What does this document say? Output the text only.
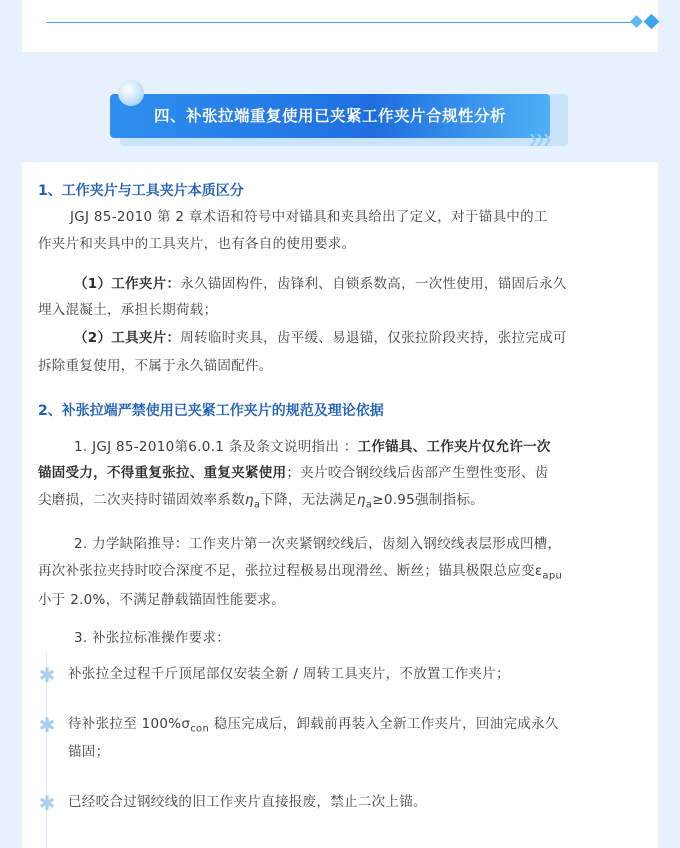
四、补张拉端重复使用已夹紧工作夹片合规性分析
❯❯❯
1、工作夹片与工具夹片本质区分
JGJ 85-2010 第 2 章术语和符号中对锚具和夹具给出了定义，对于锚具中的工
作夹片和夹具中的工具夹片，也有各自的使用要求。
（1）工作夹片：永久锚固构件，齿锋利、自锁系数高，一次性使用，锚固后永久
埋入混凝土，承担长期荷载；
（2）工具夹片：周转临时夹具，齿平缓、易退锚，仅张拉阶段夹持，张拉完成可
拆除重复使用，不属于永久锚固配件。
2、补张拉端严禁使用已夹紧工作夹片的规范及理论依据
1. JGJ 85-2010第6.0.1 条及条文说明指出 ：工作锚具、工作夹片仅允许一次
锚固受力，不得重复张拉、重复夹紧使用；夹片咬合钢绞线后齿部产生塑性变形、齿
尖磨损，二次夹持时锚固效率系数$\eta_a$下降，无法满足$\eta_a\ge 0.95$强制指标。
2. 力学缺陷推导：工作夹片第一次夹紧钢绞线后，齿刻入钢绞线表层形成凹槽，
再次补张拉夹持时咬合深度不足，张拉过程极易出现滑丝、断丝；锚具极限总应变$\varepsilon_{apu}$
小于 2.0%，不满足静载锚固性能要求。
3. 补张拉标准操作要求：
✱ 补张拉全过程千斤顶尾部仅安装全新 / 周转工具夹片，不放置工作夹片；
✱ 待补张拉至 $100\%\sigma_{con}$ 稳压完成后，卸载前再装入全新工作夹片，回油完成永久
锚固；
✱ 已经咬合过钢绞线的旧工作夹片直接报废，禁止二次上锚。
